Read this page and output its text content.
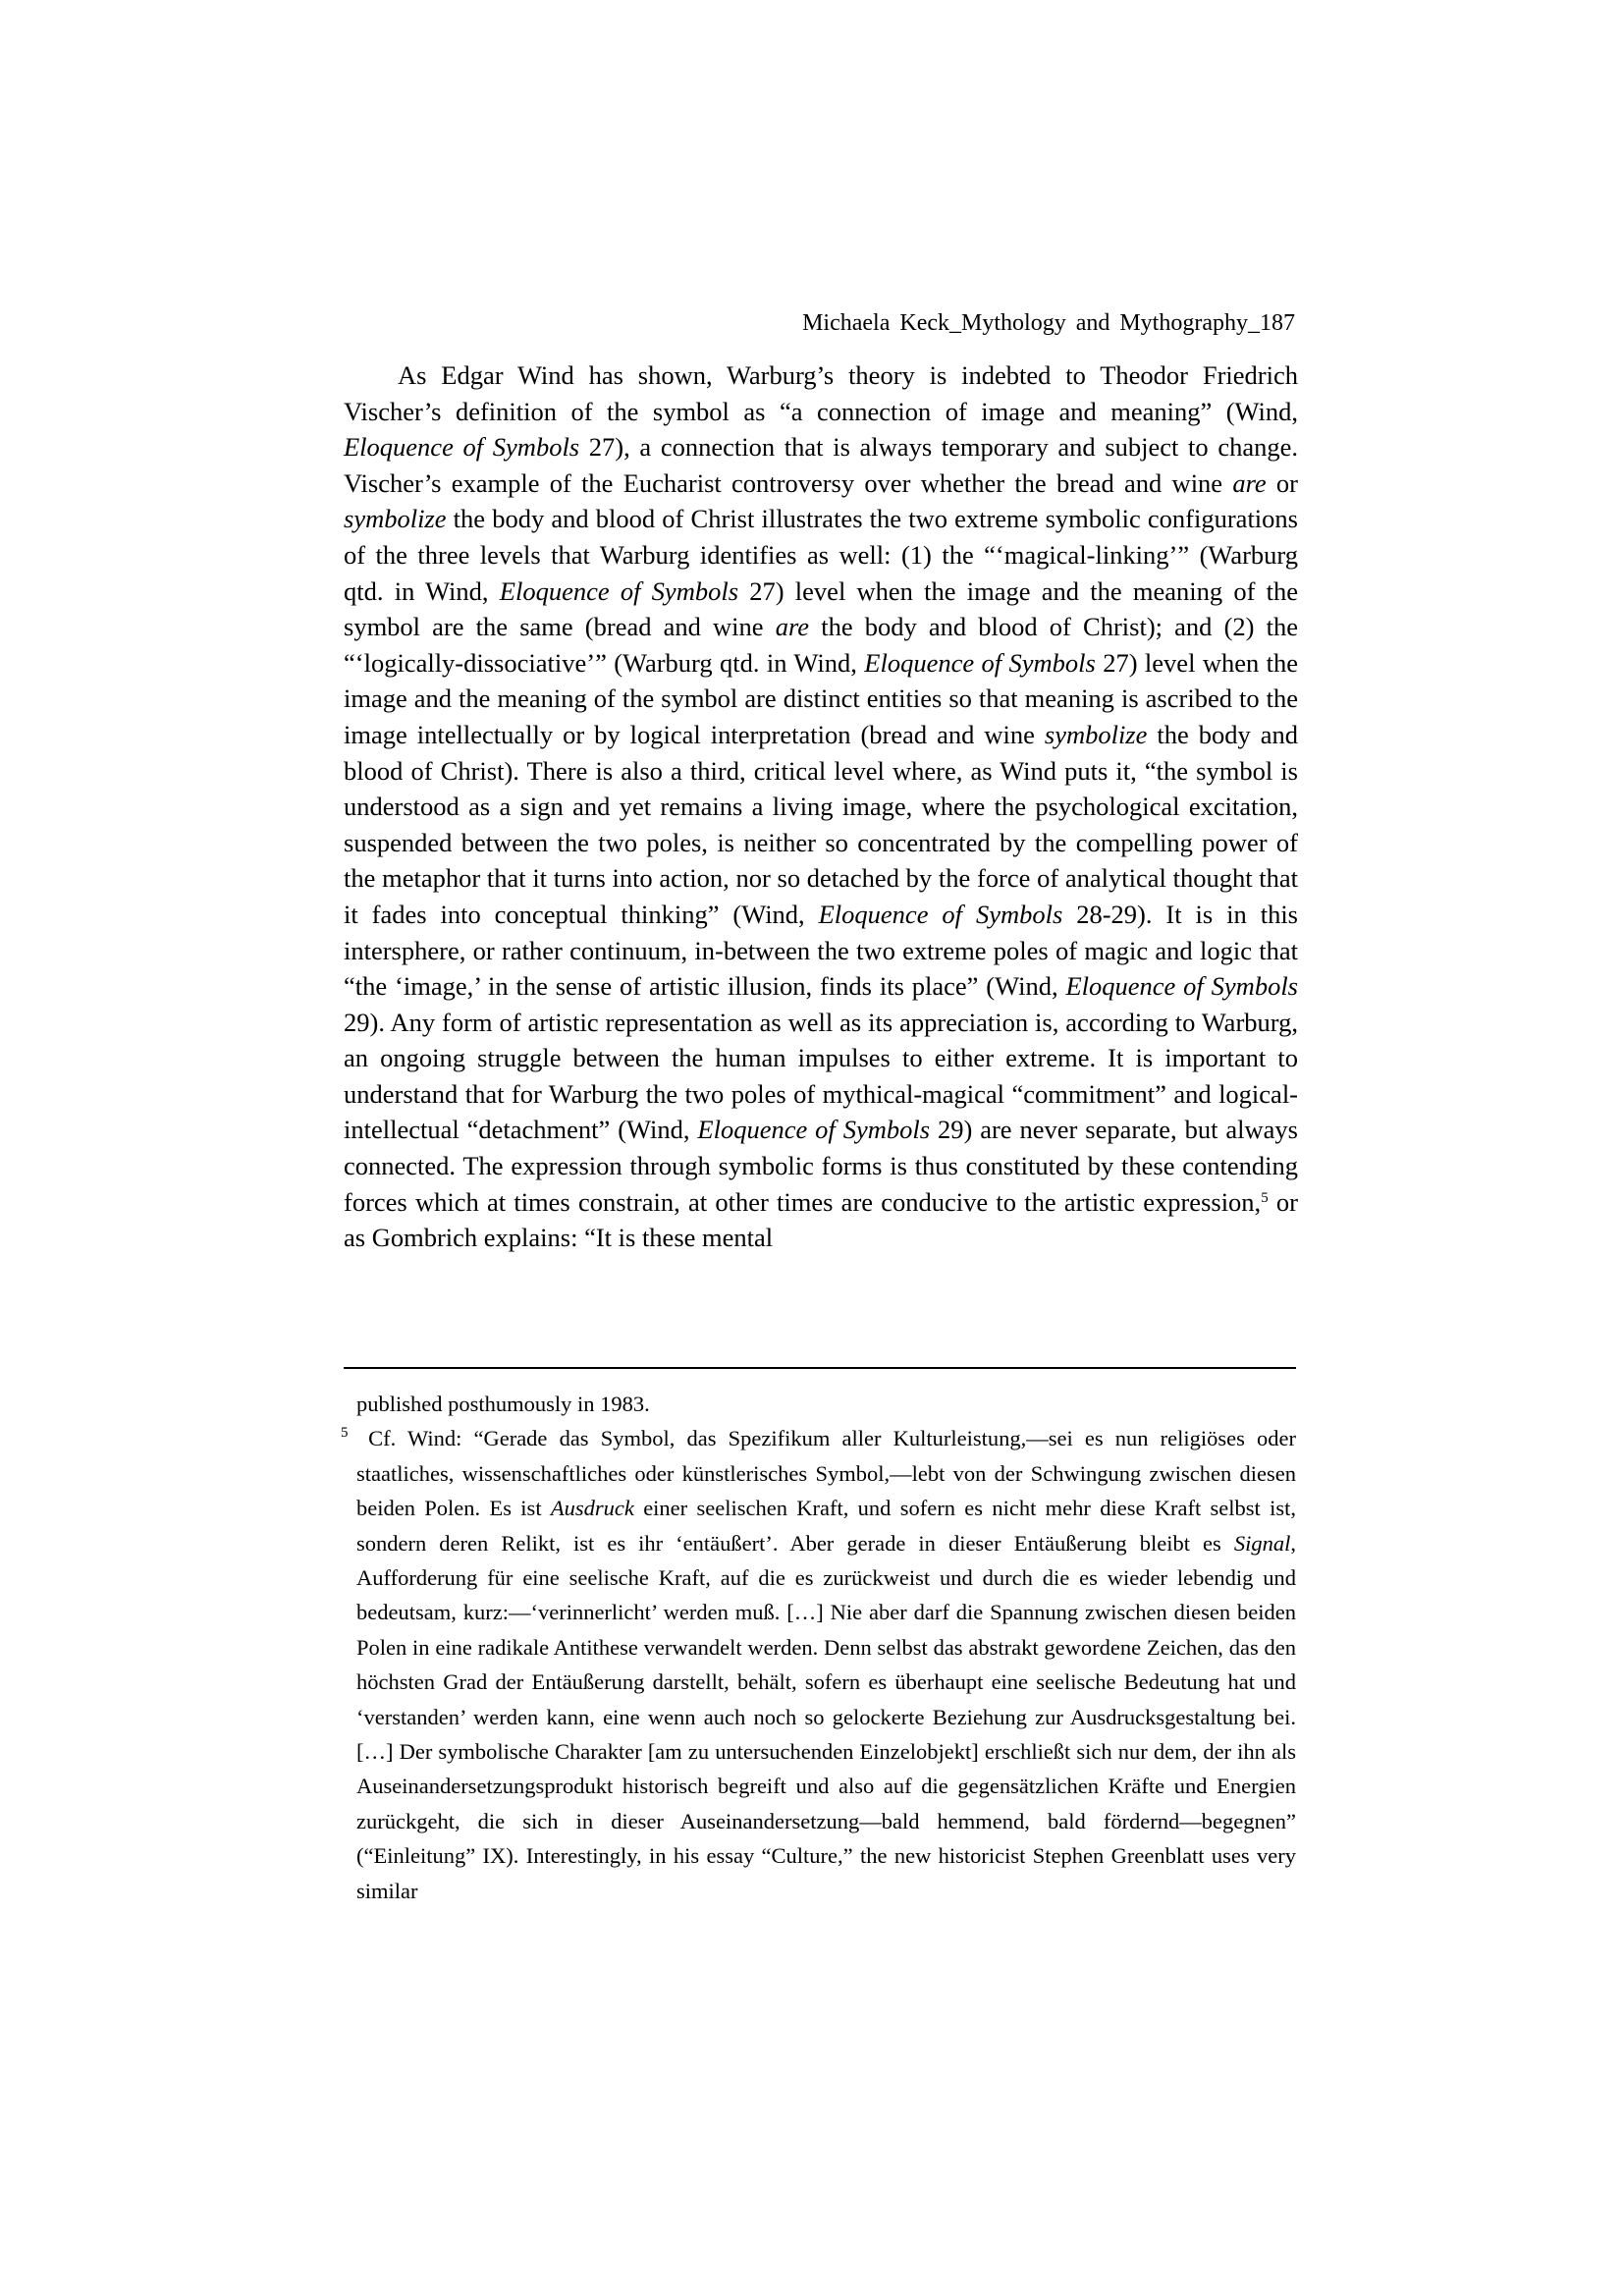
Michaela Keck_Mythology and Mythography_187

As Edgar Wind has shown, Warburg’s theory is indebted to Theodor Friedrich Vischer’s definition of the symbol as “a connection of image and meaning” (Wind, Eloquence of Symbols 27), a connection that is always temporary and subject to change. Vischer’s example of the Eucharist controversy over whether the bread and wine are or symbolize the body and blood of Christ illustrates the two extreme symbolic configurations of the three levels that Warburg identifies as well: (1) the “‘magical-linking’” (Warburg qtd. in Wind, Eloquence of Symbols 27) level when the image and the meaning of the symbol are the same (bread and wine are the body and blood of Christ); and (2) the “‘logically-dissociative’” (Warburg qtd. in Wind, Eloquence of Symbols 27) level when the image and the meaning of the symbol are distinct entities so that meaning is ascribed to the image intellectually or by logical interpretation (bread and wine symbolize the body and blood of Christ). There is also a third, critical level where, as Wind puts it, “the symbol is understood as a sign and yet remains a living image, where the psychological excitation, suspended between the two poles, is neither so concentrated by the compelling power of the metaphor that it turns into action, nor so detached by the force of analytical thought that it fades into conceptual thinking” (Wind, Eloquence of Symbols 28-29). It is in this intersphere, or rather continuum, in-between the two extreme poles of magic and logic that “the ‘image,’ in the sense of artistic illusion, finds its place” (Wind, Eloquence of Symbols 29). Any form of artistic representation as well as its appreciation is, according to Warburg, an ongoing struggle between the human impulses to either extreme. It is important to understand that for Warburg the two poles of mythical-magical “commitment” and logical-intellectual “detachment” (Wind, Eloquence of Symbols 29) are never separate, but always connected. The expression through symbolic forms is thus constituted by these contending forces which at times constrain, at other times are conducive to the artistic expression,$^5$ or as Gombrich explains: “It is these mental

published posthumously in 1983.

$^5$ Cf. Wind: “Gerade das Symbol, das Spezifikum aller Kulturleistung,—sei es nun religiöses oder staatliches, wissenschaftliches oder künstlerisches Symbol,—lebt von der Schwingung zwischen diesen beiden Polen. Es ist Ausdruck einer seelischen Kraft, und sofern es nicht mehr diese Kraft selbst ist, sondern deren Relikt, ist es ihr ‘entäußert’. Aber gerade in dieser Entäußerung bleibt es Signal, Aufforderung für eine seelische Kraft, auf die es zurückweist und durch die es wieder lebendig und bedeutsam, kurz:—‘verinnerlicht’ werden muß. […] Nie aber darf die Spannung zwischen diesen beiden Polen in eine radikale Antithese verwandelt werden. Denn selbst das abstrakt gewordene Zeichen, das den höchsten Grad der Entäußerung darstellt, behält, sofern es überhaupt eine seelische Bedeutung hat und ‘verstanden’ werden kann, eine wenn auch noch so gelockerte Beziehung zur Ausdrucksgestaltung bei. […] Der symbolische Charakter [am zu untersuchenden Einzelobjekt] erschließt sich nur dem, der ihn als Auseinandersetzungsprodukt historisch begreift und also auf die gegensätzlichen Kräfte und Energien zurückgeht, die sich in dieser Auseinandersetzung—bald hemmend, bald fördernd—begegnen” (“Einleitung” IX). Interestingly, in his essay “Culture,” the new historicist Stephen Greenblatt uses very similar
